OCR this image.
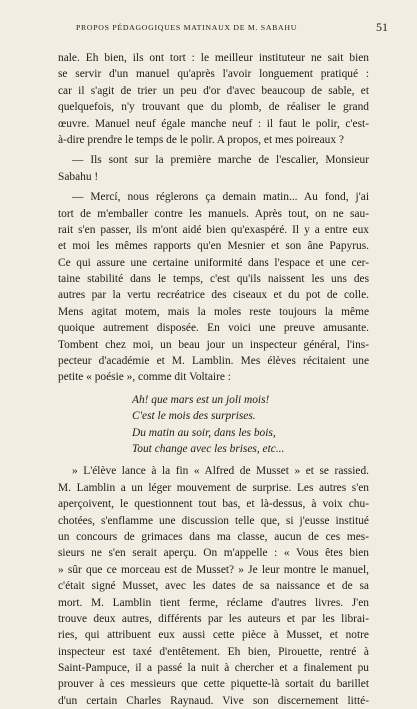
PROPOS PÉDAGOGIQUES MATINAUX DE M. SABAHU	51
nale. Eh bien, ils ont tort : le meilleur instituteur ne sait bien
se servir d'un manuel qu'après l'avoir longuement pratiqué :
car il s'agit de trier un peu d'or d'avec beaucoup de sable, et
quelquefois, n'y trouvant que du plomb, de réaliser le grand
œuvre. Manuel neuf égale manche neuf : il faut le polir, c'est-
à-dire prendre le temps de le polir. A propos, et mes poireaux ?
— Ils sont sur la première marche de l'escalier, Monsieur
Sabahu !
— Mercí, nous réglerons ça demain matin... Au fond, j'ai
tort de m'emballer contre les manuels. Après tout, on ne sau-
rait s'en passer, ils m'ont aidé bien qu'exaspéré. Il y a entre eux
et moi les mêmes rapports qu'en Mesnier et son âne Papyrus.
Ce qui assure une certaine uniformité dans l'espace et une cer-
taine stabilité dans le temps, c'est qu'ils naissent les uns des
autres par la vertu recréatrice des ciseaux et du pot de colle.
Mens agitat motem, mais la moles reste toujours la même
quoique autrement disposée. En voici une preuve amusante.
Tombent chez moi, un beau jour un inspecteur général, l'ins-
pecteur d'académie et M. Lamblin. Mes élèves récitaient une
petite « poésie », comme dit Voltaire :
Ah! que mars est un joli mois!
C'est le mois des surprises.
Du matin au soir, dans les bois,
Tout change avec les brises, etc...
» L'élève lance à la fin « Alfred de Musset » et se rassied.
M. Lamblin a un léger mouvement de surprise. Les autres s'en
aperçoivent, le questionnent tout bas, et là-dessus, à voix chu-
chotées, s'enflamme une discussion telle que, si j'eusse institué
un concours de grimaces dans ma classe, aucun de ces mes-
sieurs ne s'en serait aperçu. On m'appelle : « Vous êtes bien
» sûr que ce morceau est de Musset? » Je leur montre le manuel,
c'était signé Musset, avec les dates de sa naissance et de sa
mort. M. Lamblin tient ferme, réclame d'autres livres. J'en
trouve deux autres, différents par les auteurs et par les librai-
ries, qui attribuent eux aussi cette pièce à Musset, et notre
inspecteur est taxé d'entêtement. Eh bien, Pirouette, rentré à
Saint-Pampuce, il a passé la nuit à chercher et a finalement pu
prouver à ces messieurs que cette piquette-là sortait du barillet
d'un certain Charles Raynaud. Vive son discernement litté-
